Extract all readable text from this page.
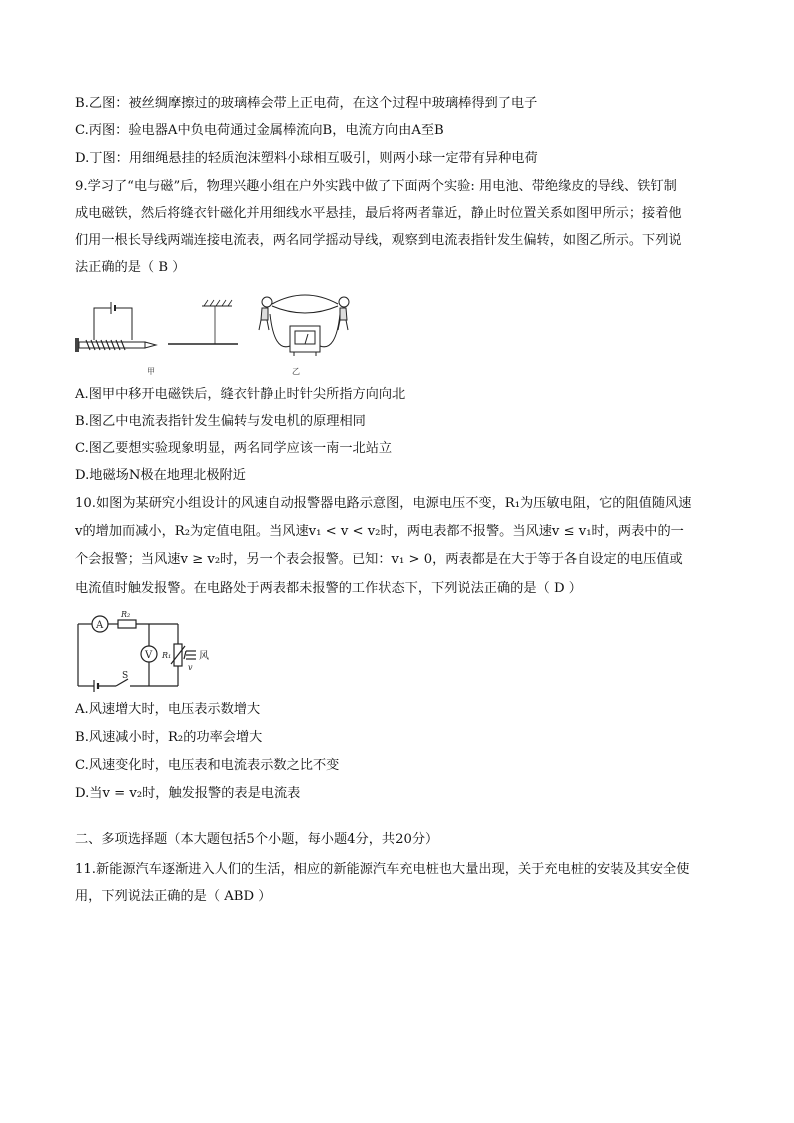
B.乙图：被丝绸摩擦过的玻璃棒会带上正电荷，在这个过程中玻璃棒得到了电子
C.丙图：验电器A中负电荷通过金属棒流向B，电流方向由A至B
D.丁图：用细绳悬挂的轻质泡沫塑料小球相互吸引，则两小球一定带有异种电荷
9.学习了“电与磁”后，物理兴趣小组在户外实践中做了下面两个实验: 用电池、带绝缘皮的导线、铁钉制
成电磁铁，然后将缝衣针磁化并用细线水平悬挂，最后将两者靠近，静止时位置关系如图甲所示；接着他
们用一根长导线两端连接电流表，两名同学摇动导线，观察到电流表指针发生偏转，如图乙所示。下列说
法正确的是（ B ）
甲	乙
A.图甲中移开电磁铁后，缝衣针静止时针尖所指方向向北
B.图乙中电流表指针发生偏转与发电机的原理相同
C.图乙要想实验现象明显，两名同学应该一南一北站立
D.地磁场N极在地理北极附近
10.如图为某研究小组设计的风速自动报警器电路示意图，电源电压不变，R₁为压敏电阻，它的阻值随风速
v的增加而减小，R₂为定值电阻。当风速v₁ < v < v₂时，两电表都不报警。当风速v ≤ v₁时，两表中的一
个会报警；当风速v ≥ v₂时，另一个表会报警。已知：v₁ > 0，两表都是在大于等于各自设定的电压值或
电流值时触发报警。在电路处于两表都未报警的工作状态下，下列说法正确的是（ D ）
A
V
R₂
R₁
S
风
v
A.风速增大时，电压表示数增大
B.风速减小时，R₂的功率会增大
C.风速变化时，电压表和电流表示数之比不变
D.当v = v₂时，触发报警的表是电流表
二、多项选择题（本大题包括5个小题，每小题4分，共20分）
11.新能源汽车逐渐进入人们的生活，相应的新能源汽车充电桩也大量出现，关于充电桩的安装及其安全使
用，下列说法正确的是（ ABD ）
